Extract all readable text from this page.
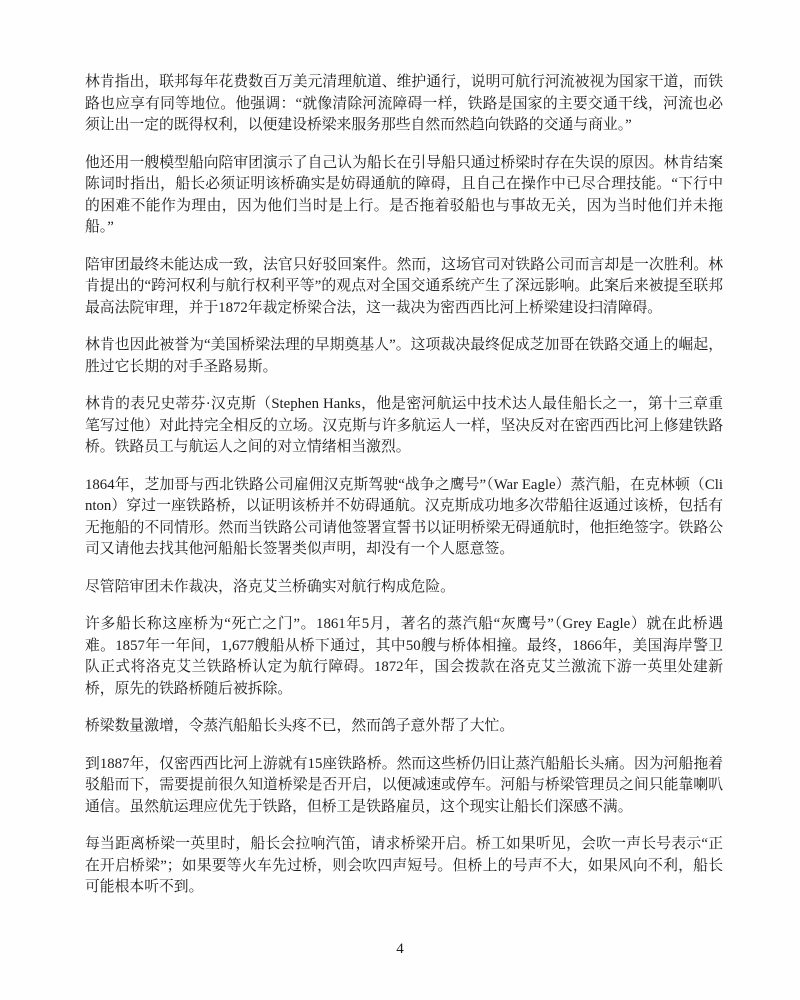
林肯指出，联邦每年花费数百万美元清理航道、维护通行，说明可航行河流被视为国家干道，而铁路也应享有同等地位。他强调：“就像清除河流障碍一样，铁路是国家的主要交通干线，河流也必须让出一定的既得权利，以便建设桥梁来服务那些自然而然趋向铁路的交通与商业。”

他还用一艘模型船向陪审团演示了自己认为船长在引导船只通过桥梁时存在失误的原因。林肯结案陈词时指出，船长必须证明该桥确实是妨碍通航的障碍，且自己在操作中已尽合理技能。“下行中的困难不能作为理由，因为他们当时是上行。是否拖着驳船也与事故无关，因为当时他们并未拖船。”

陪审团最终未能达成一致，法官只好驳回案件。然而，这场官司对铁路公司而言却是一次胜利。林肯提出的“跨河权利与航行权利平等”的观点对全国交通系统产生了深远影响。此案后来被提至联邦最高法院审理，并于1872年裁定桥梁合法，这一裁决为密西西比河上桥梁建设扫清障碍。

林肯也因此被誉为“美国桥梁法理的早期奠基人”。这项裁决最终促成芝加哥在铁路交通上的崛起，胜过它长期的对手圣路易斯。

林肯的表兄史蒂芬·汉克斯（Stephen Hanks，他是密河航运中技术达人最佳船长之一，第十三章重笔写过他）对此持完全相反的立场。汉克斯与许多航运人一样，坚决反对在密西西比河上修建铁路桥。铁路员工与航运人之间的对立情绪相当激烈。

1864年，芝加哥与西北铁路公司雇佣汉克斯驾驶“战争之鹰号”（War Eagle）蒸汽船，在克林顿（Clinton）穿过一座铁路桥，以证明该桥并不妨碍通航。汉克斯成功地多次带船往返通过该桥，包括有无拖船的不同情形。然而当铁路公司请他签署宣誓书以证明桥梁无碍通航时，他拒绝签字。铁路公司又请他去找其他河船船长签署类似声明，却没有一个人愿意签。

尽管陪审团未作裁决，洛克艾兰桥确实对航行构成危险。

许多船长称这座桥为“死亡之门”。1861年5月，著名的蒸汽船“灰鹰号”（Grey Eagle）就在此桥遇难。1857年一年间，1,677艘船从桥下通过，其中50艘与桥体相撞。最终，1866年，美国海岸警卫队正式将洛克艾兰铁路桥认定为航行障碍。1872年，国会拨款在洛克艾兰激流下游一英里处建新桥，原先的铁路桥随后被拆除。

桥梁数量激增，令蒸汽船船长头疼不已，然而鸽子意外帮了大忙。

到1887年，仅密西西比河上游就有15座铁路桥。然而这些桥仍旧让蒸汽船船长头痛。因为河船拖着驳船而下，需要提前很久知道桥梁是否开启，以便减速或停车。河船与桥梁管理员之间只能靠喇叭通信。虽然航运理应优先于铁路，但桥工是铁路雇员，这个现实让船长们深感不满。

每当距离桥梁一英里时，船长会拉响汽笛，请求桥梁开启。桥工如果听见，会吹一声长号表示“正在开启桥梁”；如果要等火车先过桥，则会吹四声短号。但桥上的号声不大，如果风向不利，船长可能根本听不到。

4
